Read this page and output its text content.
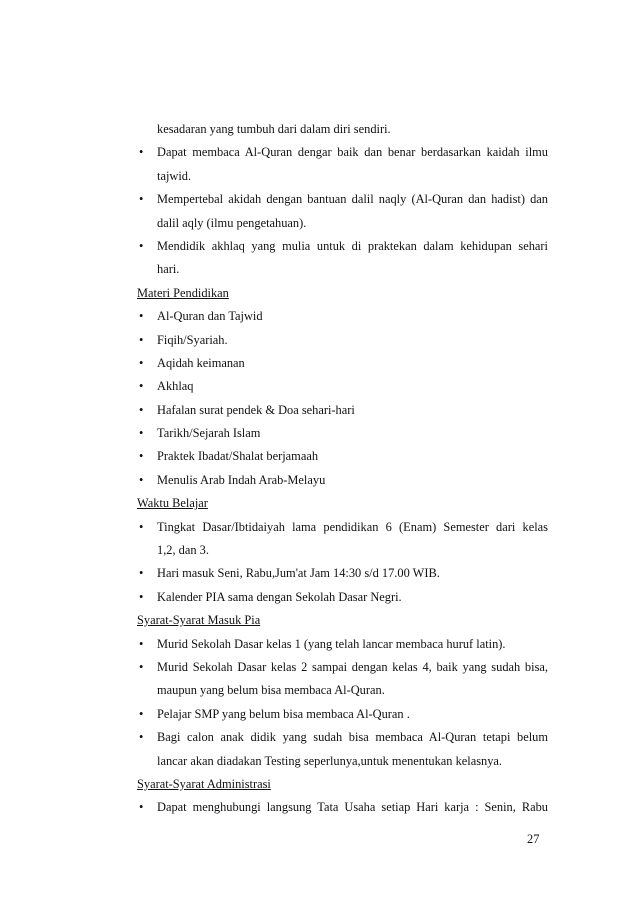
kesadaran yang tumbuh dari dalam diri sendiri.
• Dapat membaca Al-Quran dengar baik dan benar berdasarkan kaidah ilmu
tajwid.
• Mempertebal akidah dengan bantuan dalil naqly (Al-Quran dan hadist) dan
dalil aqly (ilmu pengetahuan).
• Mendidik akhlaq yang mulia untuk di praktekan dalam kehidupan sehari
hari.
Materi Pendidikan
• Al-Quran dan Tajwid
• Fiqih/Syariah.
• Aqidah keimanan
• Akhlaq
• Hafalan surat pendek & Doa sehari-hari
• Tarikh/Sejarah Islam
• Praktek Ibadat/Shalat berjamaah
• Menulis Arab Indah Arab-Melayu
Waktu Belajar
• Tingkat Dasar/Ibtidaiyah lama pendidikan 6 (Enam) Semester dari kelas
1,2, dan 3.
• Hari masuk Seni, Rabu,Jum'at Jam 14:30 s/d 17.00 WIB.
• Kalender PIA sama dengan Sekolah Dasar Negri.
Syarat-Syarat Masuk Pia
• Murid Sekolah Dasar kelas 1 (yang telah lancar membaca huruf latin).
• Murid Sekolah Dasar kelas 2 sampai dengan kelas 4, baik yang sudah bisa,
maupun yang belum bisa membaca Al-Quran.
• Pelajar SMP yang belum bisa membaca Al-Quran .
• Bagi calon anak didik yang sudah bisa membaca Al-Quran tetapi belum
lancar akan diadakan Testing seperlunya,untuk menentukan kelasnya.
Syarat-Syarat Administrasi
• Dapat menghubungi langsung Tata Usaha setiap Hari karja : Senin, Rabu
27
